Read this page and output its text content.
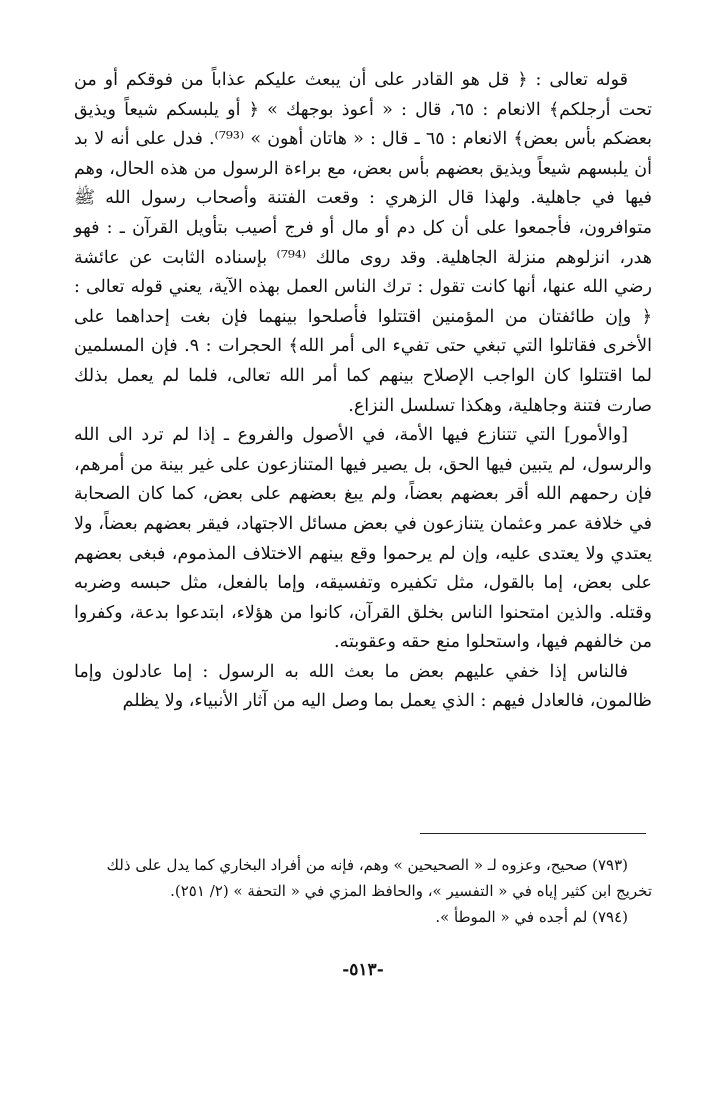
قوله تعالى : ﴿ قل هو القادر على أن يبعث عليكم عذاباً من فوقكم أو من تحت أرجلكم﴾ الانعام : ٦٥، قال : « أعوذ بوجهك » ﴿ أو يلبسكم شيعاً ويذيق بعضكم بأس بعض﴾ الانعام : ٦٥ ـ قال : « هاتان أهون » ⁽⁷⁹³⁾. فدل على أنه لا بد أن يلبسهم شيعاً ويذيق بعضهم بأس بعض، مع براءة الرسول من هذه الحال، وهم فيها في جاهلية. ولهذا قال الزهري : وقعت الفتنة وأصحاب رسول الله ﷺ متوافرون، فأجمعوا على أن كل دم أو مال أو فرج أصيب بتأويل القرآن ـ : فهو هدر، انزلوهم منزلة الجاهلية. وقد روى مالك ⁽⁷⁹⁴⁾ بإسناده الثابت عن عائشة رضي الله عنها، أنها كانت تقول : ترك الناس العمل بهذه الآية، يعني قوله تعالى : ﴿ وإن طائفتان من المؤمنين اقتتلوا فأصلحوا بينهما فإن بغت إحداهما على الأخرى فقاتلوا التي تبغي حتى تفيء الى أمر الله﴾ الحجرات : ٩. فإن المسلمين لما اقتتلوا كان الواجب الإصلاح بينهم كما أمر الله تعالى، فلما لم يعمل بذلك صارت فتنة وجاهلية، وهكذا تسلسل النزاع.

[والأمور] التي تتنازع فيها الأمة، في الأصول والفروع ـ إذا لم ترد الى الله والرسول، لم يتبين فيها الحق، بل يصير فيها المتنازعون على غير بينة من أمرهم، فإن رحمهم الله أقر بعضهم بعضاً، ولم يبغ بعضهم على بعض، كما كان الصحابة في خلافة عمر وعثمان يتنازعون في بعض مسائل الاجتهاد، فيقر بعضهم بعضاً، ولا يعتدي ولا يعتدى عليه، وإن لم يرحموا وقع بينهم الاختلاف المذموم، فبغى بعضهم على بعض، إما بالقول، مثل تكفيره وتفسيقه، وإما بالفعل، مثل حبسه وضربه وقتله. والذين امتحنوا الناس بخلق القرآن، كانوا من هؤلاء، ابتدعوا بدعة، وكفروا من خالفهم فيها، واستحلوا منع حقه وعقوبته.

فالناس إذا خفي عليهم بعض ما بعث الله به الرسول : إما عادلون وإما ظالمون، فالعادل فيهم : الذي يعمل بما وصل اليه من آثار الأنبياء، ولا يظلم

(٧٩٣) صحيح، وعزوه لـ « الصحيحين » وهم، فإنه من أفراد البخاري كما يدل على ذلك تخريج ابن كثير إياه في « التفسير »، والحافظ المزي في « التحفة » (٢/ ٢٥١).

(٧٩٤) لم أجده في « الموطأ ».

-٥١٣-
